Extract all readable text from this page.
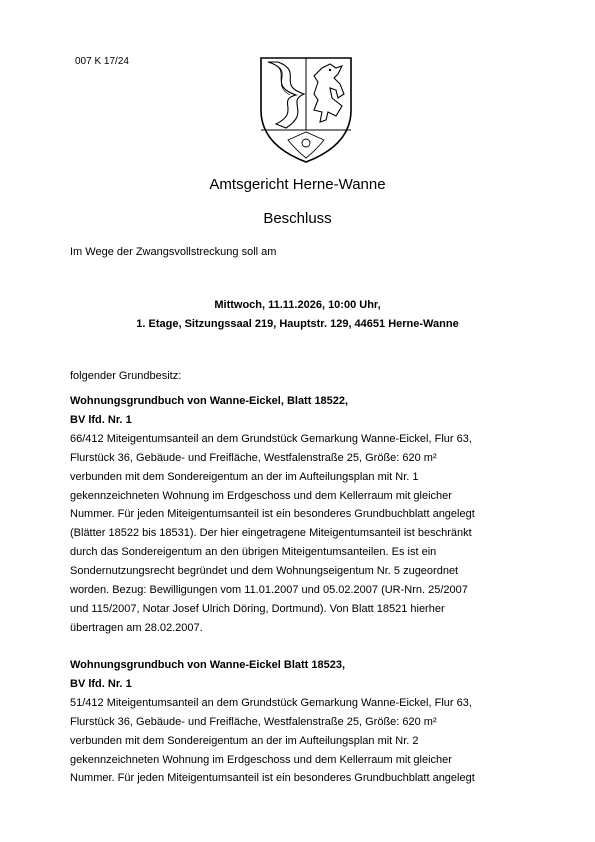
007 K 17/24
Amtsgericht Herne-Wanne
Beschluss
Im Wege der Zwangsvollstreckung soll am
Mittwoch, 11.11.2026, 10:00 Uhr,
1. Etage, Sitzungssaal 219, Hauptstr. 129, 44651 Herne-Wanne
folgender Grundbesitz:
Wohnungsgrundbuch von Wanne-Eickel, Blatt 18522,
BV lfd. Nr. 1
66/412 Miteigentumsanteil an dem Grundstück Gemarkung Wanne-Eickel, Flur 63,
Flurstück 36, Gebäude- und Freifläche, Westfalenstraße 25, Größe: 620 m²
verbunden mit dem Sondereigentum an der im Aufteilungsplan mit Nr. 1
gekennzeichneten Wohnung im Erdgeschoss und dem Kellerraum mit gleicher
Nummer. Für jeden Miteigentumsanteil ist ein besonderes Grundbuchblatt angelegt
(Blätter 18522 bis 18531). Der hier eingetragene Miteigentumsanteil ist beschränkt
durch das Sondereigentum an den übrigen Miteigentumsanteilen. Es ist ein
Sondernutzungsrecht begründet und dem Wohnungseigentum Nr. 5 zugeordnet
worden. Bezug: Bewilligungen vom 11.01.2007 und 05.02.2007 (UR-Nrn. 25/2007
und 115/2007, Notar Josef Ulrich Döring, Dortmund). Von Blatt 18521 hierher
übertragen am 28.02.2007.
Wohnungsgrundbuch von Wanne-Eickel Blatt 18523,
BV lfd. Nr. 1
51/412 Miteigentumsanteil an dem Grundstück Gemarkung Wanne-Eickel, Flur 63,
Flurstück 36, Gebäude- und Freifläche, Westfalenstraße 25, Größe: 620 m²
verbunden mit dem Sondereigentum an der im Aufteilungsplan mit Nr. 2
gekennzeichneten Wohnung im Erdgeschoss und dem Kellerraum mit gleicher
Nummer. Für jeden Miteigentumsanteil ist ein besonderes Grundbuchblatt angelegt
